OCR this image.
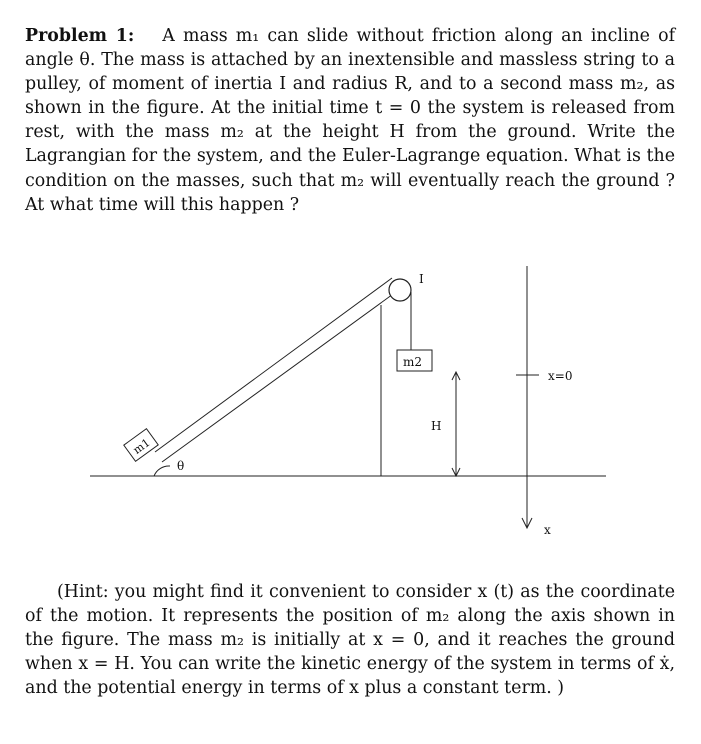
Problem 1: A mass m₁ can slide without friction along an incline of angle θ. The mass is attached by an inextensible and massless string to a pulley, of moment of inertia I and radius R, and to a second mass m₂, as shown in the figure. At the initial time t = 0 the system is released from rest, with the mass m₂ at the height H from the ground. Write the Lagrangian for the system, and the Euler-Lagrange equation. What is the condition on the masses, such that m₂ will eventually reach the ground ? At what time will this happen ?

I
m2
m1
θ
H
x=0
x

(Hint: you might find it convenient to consider x (t) as the coordinate of the motion. It represents the position of m₂ along the axis shown in the figure. The mass m₂ is initially at x = 0, and it reaches the ground when x = H. You can write the kinetic energy of the system in terms of ẋ, and the potential energy in terms of x plus a constant term. )
